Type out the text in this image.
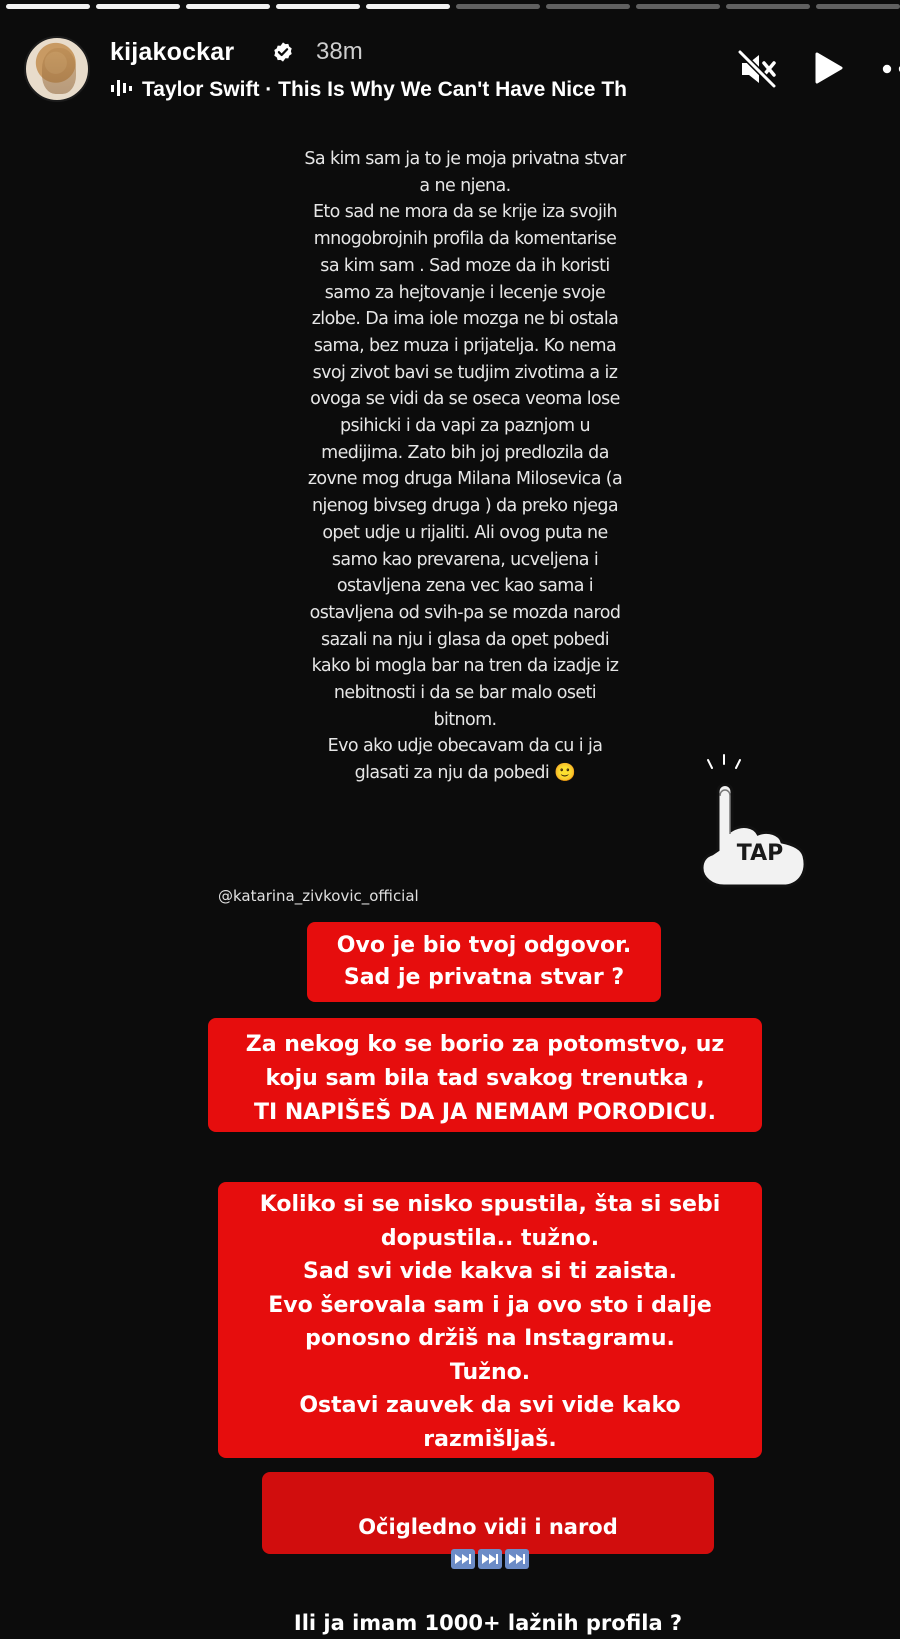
kijakockar	38m
Taylor Swift · This Is Why We Can't Have Nice Th
Sa kim sam ja to je moja privatna stvar
a ne njena.
Eto sad ne mora da se krije iza svojih
mnogobrojnih profila da komentarise
sa kim sam . Sad moze da ih koristi
samo za hejtovanje i lecenje svoje
zlobe. Da ima iole mozga ne bi ostala
sama, bez muza i prijatelja. Ko nema
svoj zivot bavi se tudjim zivotima a iz
ovoga se vidi da se oseca veoma lose
psihicki i da vapi za paznjom u
medijima. Zato bih joj predlozila da
zovne mog druga Milana Milosevica (a
njenog bivseg druga ) da preko njega
opet udje u rijaliti. Ali ovog puta ne
samo kao prevarena, ucveljena i
ostavljena zena vec kao sama i
ostavljena od svih-pa se mozda narod
sazali na nju i glasa da opet pobedi
kako bi mogla bar na tren da izadje iz
nebitnosti i da se bar malo oseti
bitnom.
Evo ako udje obecavam da cu i ja
glasati za nju da pobedi 🙂
TAP
@katarina_zivkovic_official
Ovo je bio tvoj odgovor.
Sad je privatna stvar ?
Za nekog ko se borio za potomstvo, uz
koju sam bila tad svakog trenutka ,
TI NAPIŠEŠ DA JA NEMAM PORODICU.
Koliko si se nisko spustila, šta si sebi
dopustila.. tužno.
Sad svi vide kakva si ti zaista.
Evo šerovala sam i ja ovo sto i dalje
ponosno držiš na Instagramu.
Tužno.
Ostavi zauvek da svi vide kako
razmišljaš.

Očigledno vidi i narod

Ili ja imam 1000+ lažnih profila ?
